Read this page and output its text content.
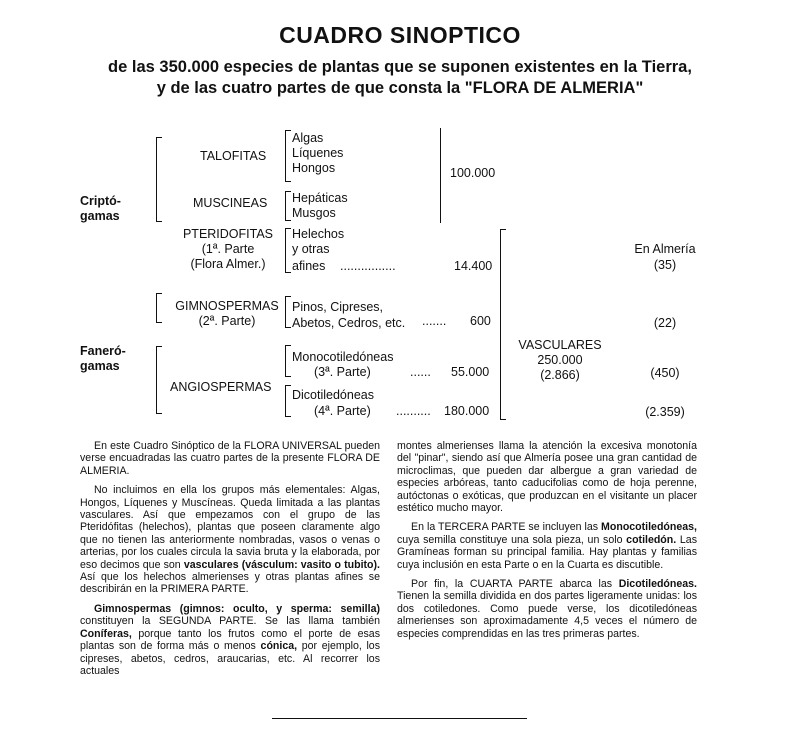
CUADRO SINOPTICO
de las 350.000 especies de plantas que se suponen existentes en la Tierra,
y de las cuatro partes de que consta la "FLORA DE ALMERIA"
Criptó-
gamas
Faneró-
gamas
TALOFITAS
MUSCINEAS
PTERIDOFITAS
(1ª. Parte
(Flora Almer.)
GIMNOSPERMAS
(2ª. Parte)
ANGIOSPERMAS
Algas
Líquenes
Hongos
Hepáticas
Musgos
100.000
Helechos
y otras
afines ................	14.400
Pinos, Cipreses,
Abetos, Cedros, etc. ....... 600
Monocotiledóneas
(3ª. Parte)	...... 55.000
Dicotiledóneas
(4ª. Parte) .......... 180.000
VASCULARES
250.000
(2.866)
En Almería
(35)
(22)
(450)
(2.359)

En este Cuadro Sinóptico de la FLORA UNIVERSAL pueden verse encuadradas las cuatro partes de la presente FLORA DE ALMERIA.

No incluimos en ella los grupos más elementales: Algas, Hongos, Líquenes y Muscíneas. Queda limitada a las plantas vasculares. Así que empezamos con el grupo de las Pteridófitas (helechos), plantas que poseen claramente algo que no tienen las anteriormente nombradas, vasos o venas o arterias, por los cuales circula la savia bruta y la elaborada, por eso decimos que son vasculares (vásculum: vasito o tubito). Así que los helechos almerienses y otras plantas afines se describirán en la PRIMERA PARTE.

Gimnospermas (gimnos: oculto, y sperma: semilla) constituyen la SEGUNDA PARTE. Se las llama también Coníferas, porque tanto los frutos como el porte de esas plantas son de forma más o menos cónica, por ejemplo, los cipreses, abetos, cedros, araucarias, etc. Al recorrer los actuales

montes almerienses llama la atención la excesiva monotonía del "pinar", siendo así que Almería posee una gran cantidad de microclimas, que pueden dar albergue a gran variedad de especies arbóreas, tanto caducifolias como de hoja perenne, autóctonas o exóticas, que produzcan en el visitante un placer estético mucho mayor.

En la TERCERA PARTE se incluyen las Monocotiledóneas, cuya semilla constituye una sola pieza, un solo cotiledón. Las Gramíneas forman su principal familia. Hay plantas y familias cuya inclusión en esta Parte o en la Cuarta es discutible.

Por fin, la CUARTA PARTE abarca las Dicotiledóneas. Tienen la semilla dividida en dos partes ligeramente unidas: los dos cotiledones. Como puede verse, los dicotiledóneas almerienses son aproximadamente 4,5 veces el número de especies comprendidas en las tres primeras partes.
